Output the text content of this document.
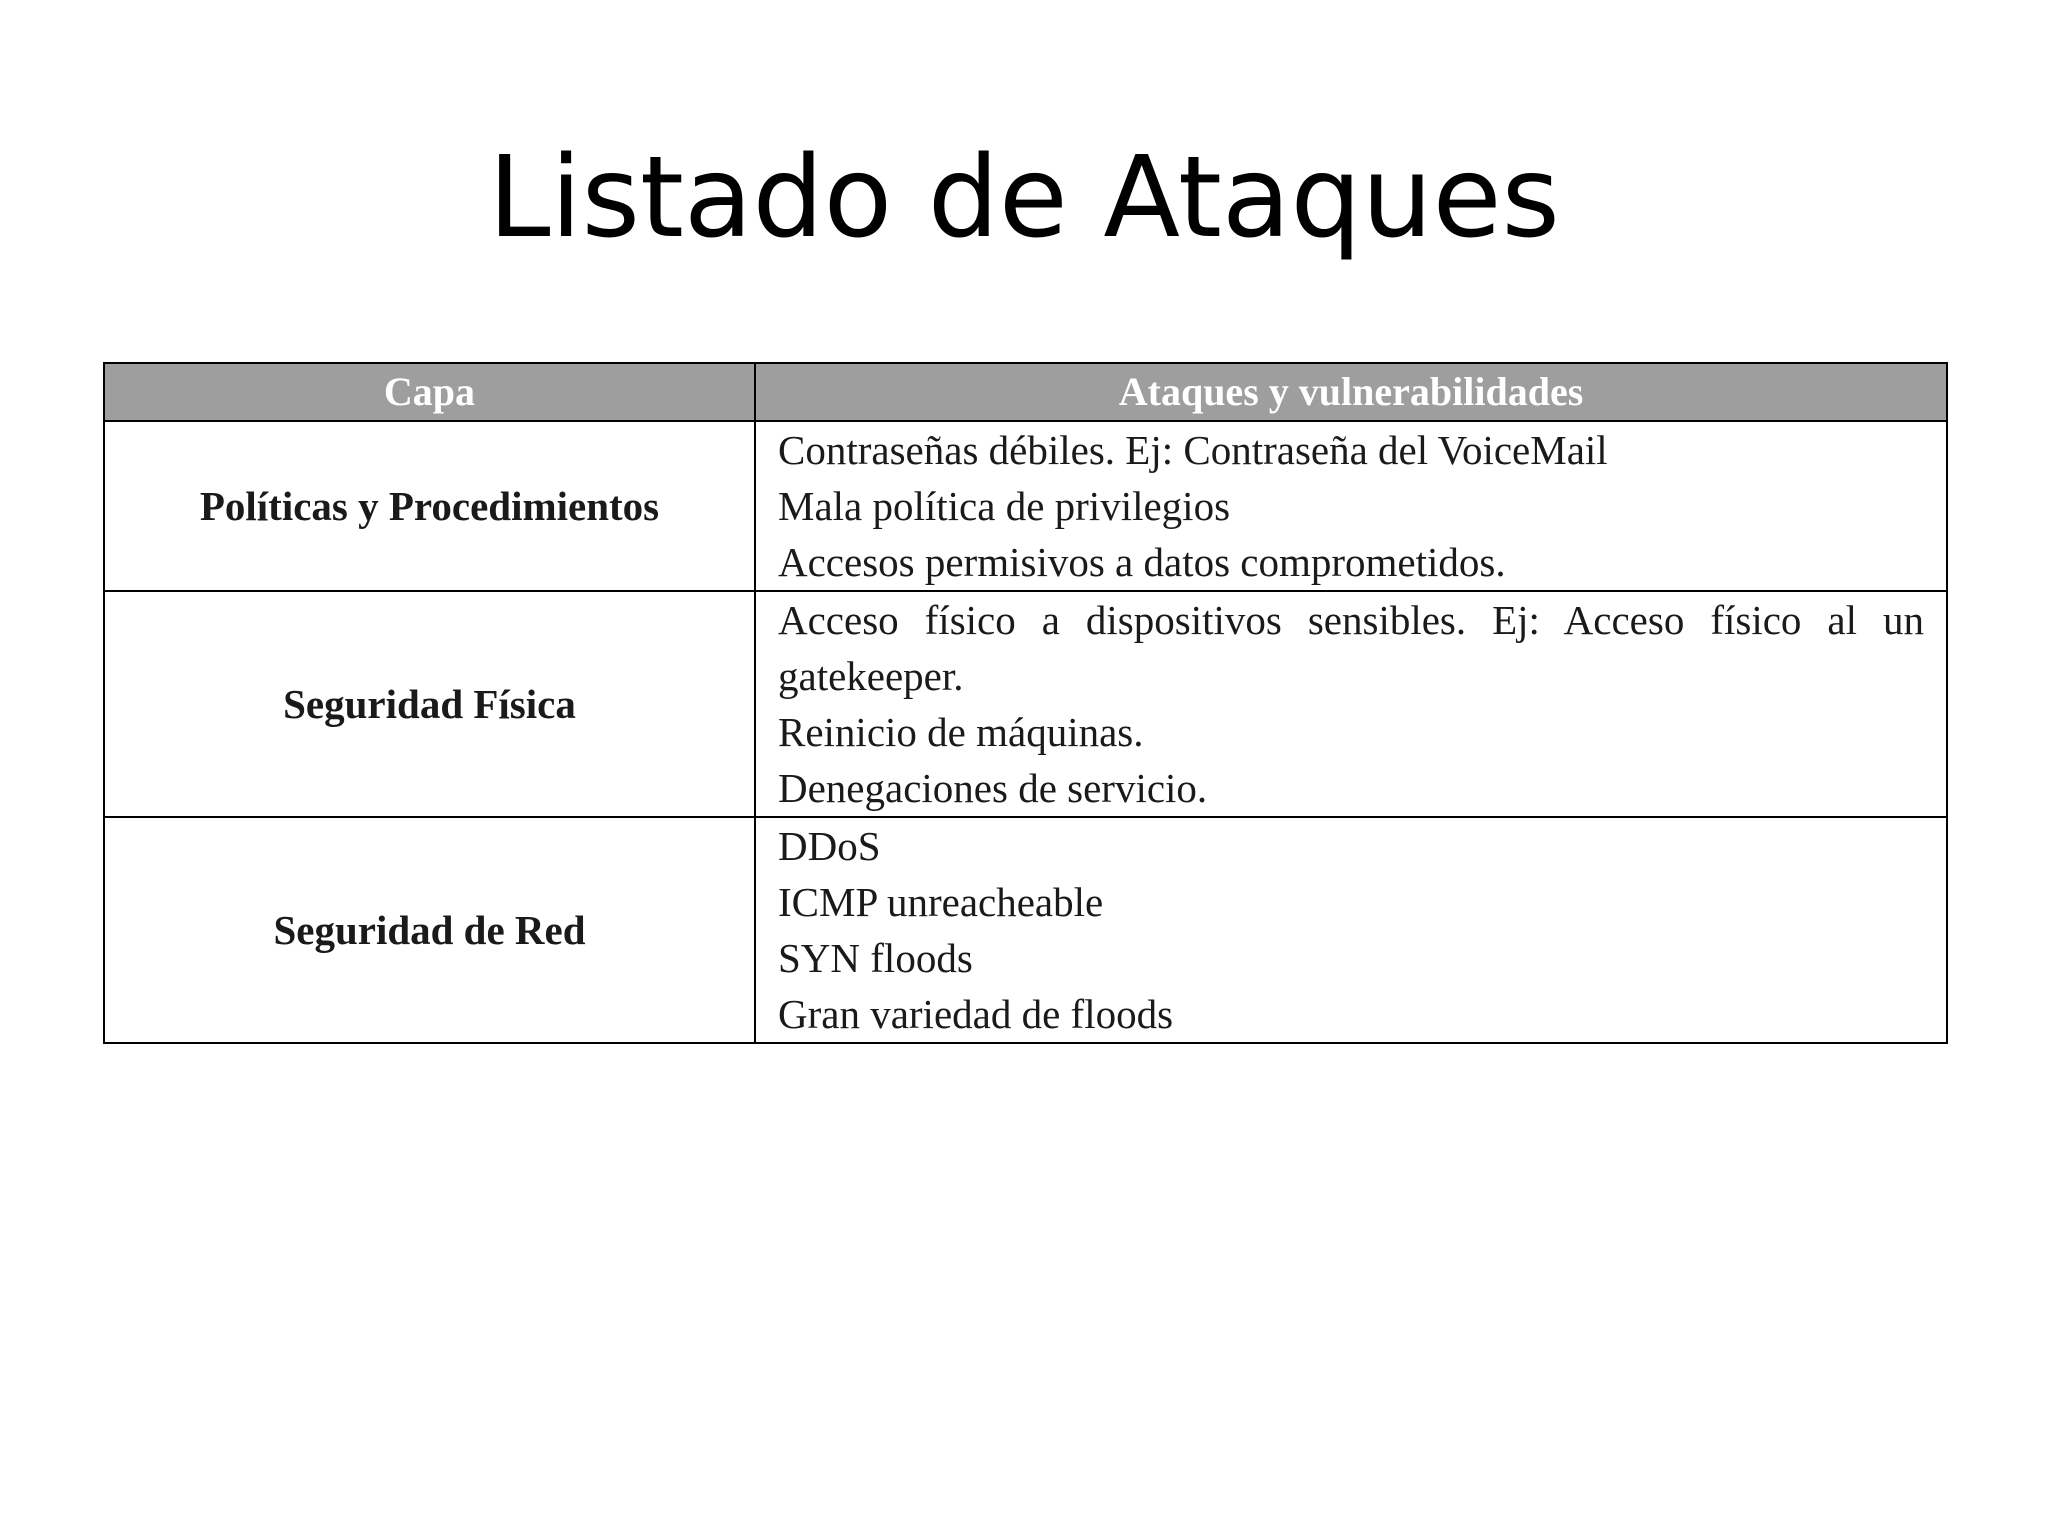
Listado de Ataques
Capa	Ataques y vulnerabilidades
Políticas y Procedimientos	Contraseñas débiles. Ej: Contraseña del VoiceMail
Mala política de privilegios
Accesos permisivos a datos comprometidos.

Seguridad Física	Acceso físico a dispositivos sensibles. Ej: Acceso físico al un gatekeeper.
Reinicio de máquinas.
Denegaciones de servicio.

Seguridad de Red	DDoS
ICMP unreacheable
SYN floods
Gran variedad de floods
